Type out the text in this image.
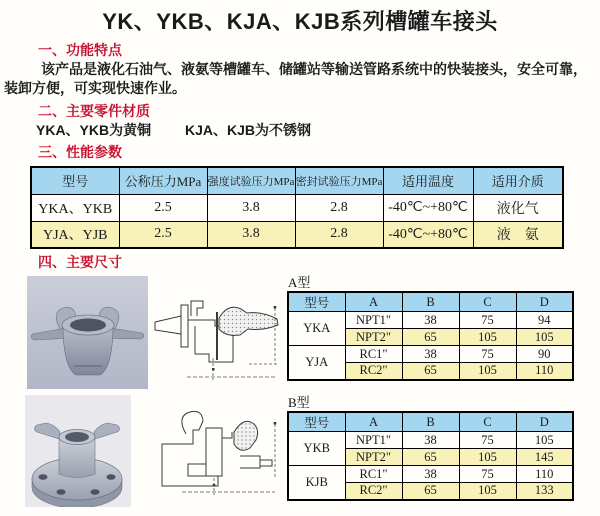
YK、YKB、KJA、KJB系列槽罐车接头
一、功能特点

该产品是液化石油气、液氨等槽罐车、储罐站等输送管路系统中的快装接头，安全可靠，装卸方便，可实现快速作业。

二、主要零件材质
YKA、YKB为黄铜 KJA、KJB为不锈钢
三、性能参数
型号	公称压力MPa	强度试验压力MPa	密封试验压力MPa	适用温度	适用介质
YKA、YKB	2.5	3.8	2.8	-40℃~+80℃	液化气
YJA、YJB	2.5	3.8	2.8	-40℃~+80℃	液　氨
四、主要尺寸
A型
型号	A	B	C	D
YKA	NPT1"	38	75	94
	NPT2"	65	105	105
YJA	RC1"	38	75	90
	RC2"	65	105	110
B型
型号	A	B	C	D
YKB	NPT1"	38	75	105
	NPT2"	65	105	145
KJB	RC1"	38	75	110
	RC2"	65	105	133
